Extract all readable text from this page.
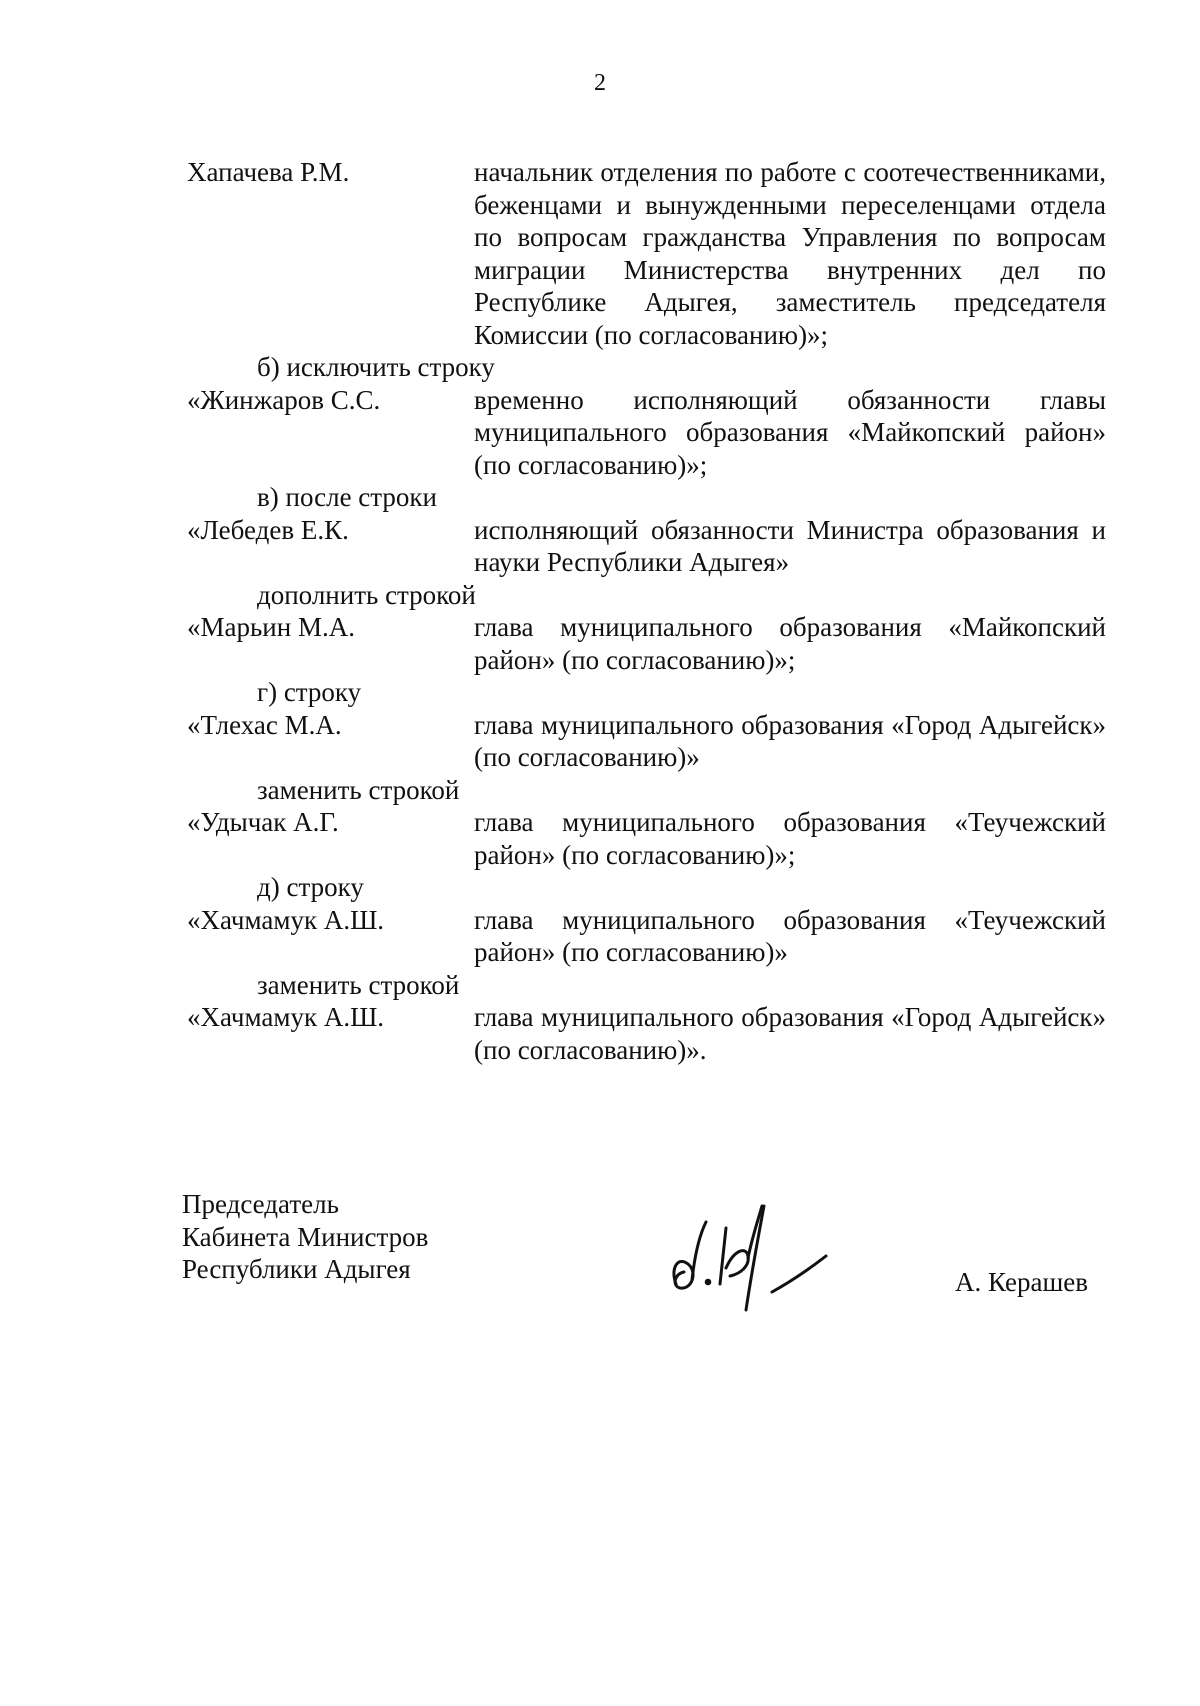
2
Хапачева Р.М.	начальник отделения по работе с соотечественниками, беженцами и вынужденными переселенцами отдела по вопросам гражданства Управления по вопросам миграции Министерства внутренних дел по Республике Адыгея, заместитель председателя Комиссии (по согласованию)»;
б) исключить строку
«Жинжаров С.С.	временно исполняющий обязанности главы муниципального образования «Майкопский район» (по согласованию)»;
в) после строки
«Лебедев Е.К.	исполняющий обязанности Министра образования и науки Республики Адыгея»
дополнить строкой
«Марьин М.А.	глава муниципального образования «Майкопский район» (по согласованию)»;
г) строку
«Тлехас М.А.	глава муниципального образования «Город Адыгейск» (по согласованию)»
заменить строкой
«Удычак А.Г.	глава муниципального образования «Теучежский район» (по согласованию)»;
д) строку
«Хачмамук А.Ш.	глава муниципального образования «Теучежский район» (по согласованию)»
заменить строкой
«Хачмамук А.Ш.	глава муниципального образования «Город Адыгейск» (по согласованию)».
Председатель
Кабинета Министров
Республики Адыгея	А. Керашев
